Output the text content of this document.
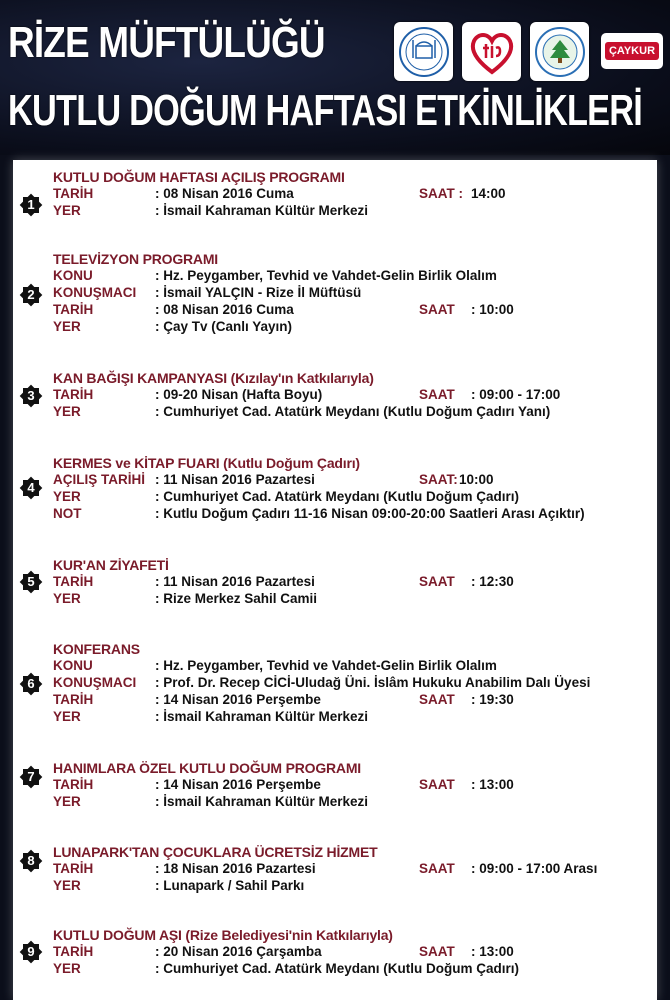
RİZE MÜFTÜLÜĞÜ
KUTLU DOĞUM HAFTASI ETKİNLİKLERİ
ÇAYKUR
KUTLU DOĞUM HAFTASI AÇILIŞ PROGRAMI
1
TARİH	: 08 Nisan 2016 Cuma	SAAT : 14:00
YER	: İsmail Kahraman Kültür Merkezi
TELEVİZYON PROGRAMI
2
KONU	: Hz. Peygamber, Tevhid ve Vahdet-Gelin Birlik Olalım
KONUŞMACI : İsmail YALÇIN - Rize İl Müftüsü
TARİH	: 08 Nisan 2016 Cuma	SAAT : 10:00
YER	: Çay Tv (Canlı Yayın)
KAN BAĞIŞI KAMPANYASI (Kızılay'ın Katkılarıyla)
3	TARİH	: 09-20 Nisan (Hafta Boyu)	SAAT : 09:00 - 17:00
YER	: Cumhuriyet Cad. Atatürk Meydanı (Kutlu Doğum Çadırı Yanı)
KERMES ve KİTAP FUARI (Kutlu Doğum Çadırı)
4
AÇILIŞ TARİHİ : 11 Nisan 2016 Pazartesi	SAAT: 10:00
YER	: Cumhuriyet Cad. Atatürk Meydanı (Kutlu Doğum Çadırı)
NOT	: Kutlu Doğum Çadırı 11-16 Nisan 09:00-20:00 Saatleri Arası Açıktır)
KUR'AN ZİYAFETİ
5	TARİH	: 11 Nisan 2016 Pazartesi	SAAT : 12:30
YER	: Rize Merkez Sahil Camii
KONFERANS
6
KONU	: Hz. Peygamber, Tevhid ve Vahdet-Gelin Birlik Olalım
KONUŞMACI : Prof. Dr. Recep CİCİ-Uludağ Üni. İslâm Hukuku Anabilim Dalı Üyesi
TARİH	: 14 Nisan 2016 Perşembe	SAAT : 19:30
YER	: İsmail Kahraman Kültür Merkezi
HANIMLARA ÖZEL KUTLU DOĞUM PROGRAMI
7
TARİH	: 14 Nisan 2016 Perşembe	SAAT : 13:00
YER	: İsmail Kahraman Kültür Merkezi
LUNAPARK'TAN ÇOCUKLARA ÜCRETSİZ HİZMET
8
TARİH	: 18 Nisan 2016 Pazartesi	SAAT : 09:00 - 17:00 Arası
YER	: Lunapark / Sahil Parkı
KUTLU DOĞUM AŞI (Rize Belediyesi'nin Katkılarıyla)
9	TARİH	: 20 Nisan 2016 Çarşamba	SAAT : 13:00
YER	: Cumhuriyet Cad. Atatürk Meydanı (Kutlu Doğum Çadırı)
